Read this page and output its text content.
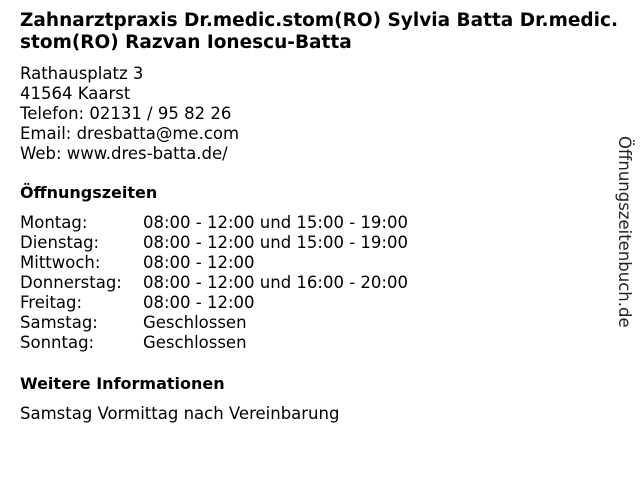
Zahnarztpraxis Dr.medic.stom(RO) Sylvia Batta Dr.medic.stom(RO) Razvan Ionescu-Batta
Rathausplatz 3
41564 Kaarst
Telefon: 02131 / 95 82 26
Email: dresbatta@me.com
Web: www.dres-batta.de/
Öffnungszeiten
Montag:	08:00 - 12:00 und 15:00 - 19:00
Dienstag:	08:00 - 12:00 und 15:00 - 19:00
Mittwoch:	08:00 - 12:00
Donnerstag:	08:00 - 12:00 und 16:00 - 20:00
Freitag:	08:00 - 12:00
Samstag:	Geschlossen
Sonntag:	Geschlossen
Weitere Informationen
Samstag Vormittag nach Vereinbarung
Öffnungszeitenbuch.de
